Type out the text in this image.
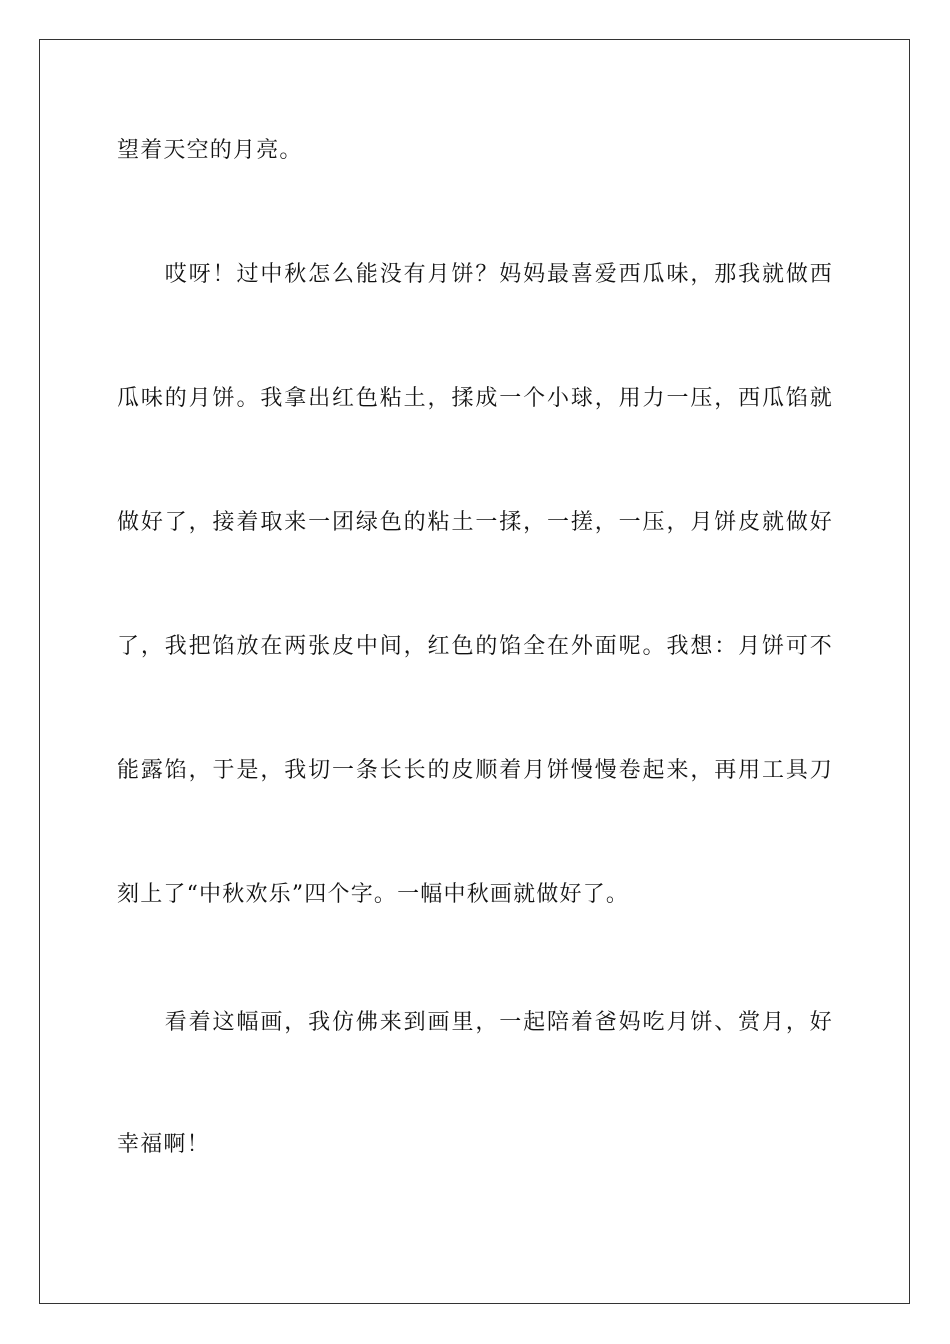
望着天空的月亮。
　　哎呀！过中秋怎么能没有月饼？妈妈最喜爱西瓜味，那我就做西
瓜味的月饼。我拿出红色粘土，揉成一个小球，用力一压，西瓜馅就
做好了，接着取来一团绿色的粘土一揉，一搓，一压，月饼皮就做好
了，我把馅放在两张皮中间，红色的馅全在外面呢。我想：月饼可不
能露馅，于是，我切一条长长的皮顺着月饼慢慢卷起来，再用工具刀
刻上了“中秋欢乐”四个字。一幅中秋画就做好了。
　　看着这幅画，我仿佛来到画里，一起陪着爸妈吃月饼、赏月，好
幸福啊！
